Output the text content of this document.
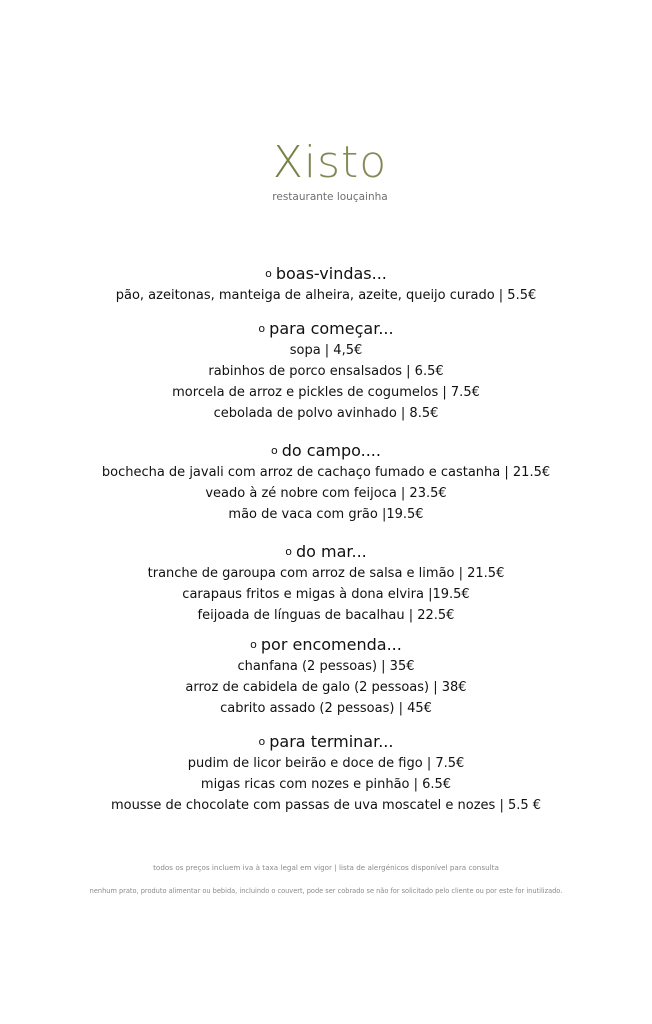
Xisto
restaurante louçainha

o boas-vindas...

pão, azeitonas, manteiga de alheira, azeite, queijo curado | 5.5€

o para começar...

sopa | 4,5€

rabinhos de porco ensalsados | 6.5€

morcela de arroz e pickles de cogumelos | 7.5€

cebolada de polvo avinhado | 8.5€

o do campo....

bochecha de javali com arroz de cachaço fumado e castanha | 21.5€

veado à zé nobre com feijoca | 23.5€

mão de vaca com grão |19.5€

o do mar...

tranche de garoupa com arroz de salsa e limão | 21.5€

carapaus fritos e migas à dona elvira |19.5€

feijoada de línguas de bacalhau | 22.5€

o por encomenda...

chanfana (2 pessoas) | 35€

arroz de cabidela de galo (2 pessoas) | 38€

cabrito assado (2 pessoas) | 45€

o para terminar...

pudim de licor beirão e doce de figo | 7.5€

migas ricas com nozes e pinhão | 6.5€

mousse de chocolate com passas de uva moscatel e nozes | 5.5 €

todos os preços incluem iva à taxa legal em vigor | lista de alergénicos disponível para consulta

nenhum prato, produto alimentar ou bebida, incluindo o couvert, pode ser cobrado se não for solicitado pelo cliente ou por este for inutilizado.
